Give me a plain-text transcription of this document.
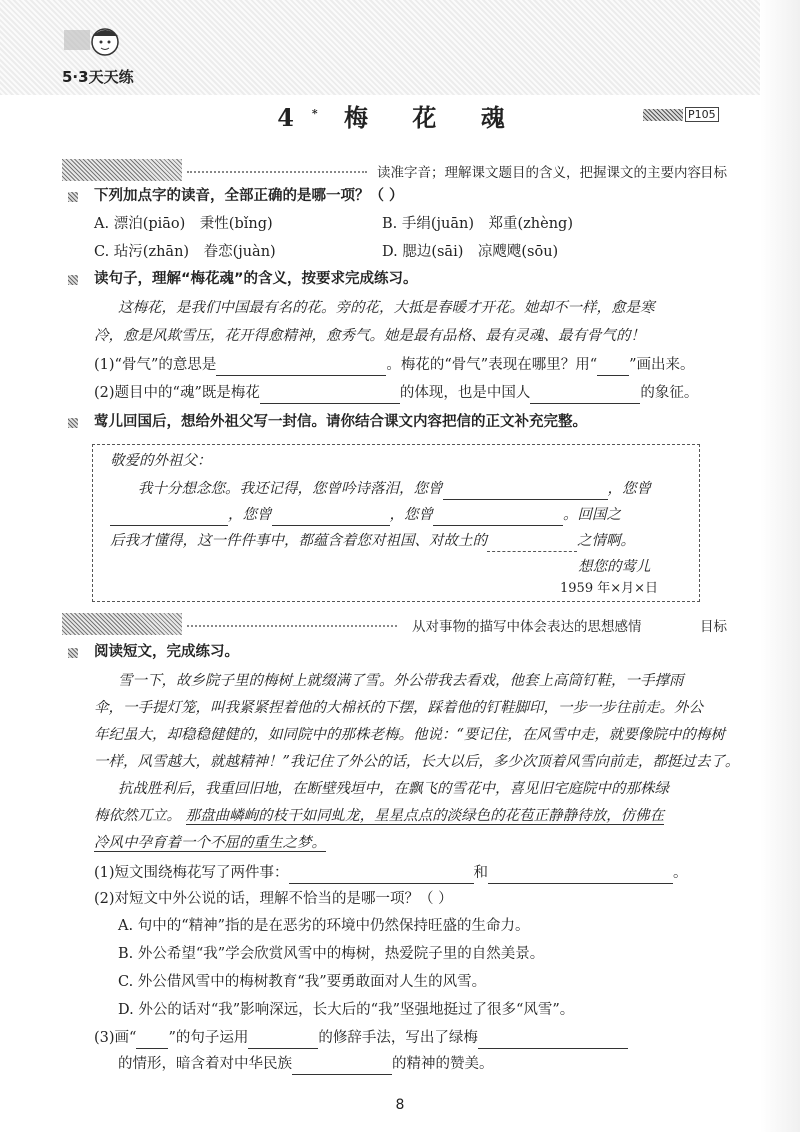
5·3天天练
4* 梅 花 魂	P105
读准字音；理解课文题目的含义，把握课文的主要内容 目标
下列加点字的读音，全部正确的是哪一项？（ ）
A. 漂泊(piāo)　秉性(bǐng)	B. 手绢(juān)　郑重(zhèng)
C. 玷污(zhān)　眷恋(juàn)	D. 腮边(sāi)　凉飕飕(sōu)
读句子，理解“梅花魂”的含义，按要求完成练习。
这梅花，是我们中国最有名的花。旁的花，大抵是春暖才开花。她却不一样，愈是寒
冷，愈是风欺雪压，花开得愈精神，愈秀气。她是最有品格、最有灵魂、最有骨气的！
(1)“骨气”的意思是	。梅花的“骨气”表现在哪里？用“ ”画出来。
(2)题目中的“魂”既是梅花	的体现，也是中国人	的象征。
莺儿回国后，想给外祖父写一封信。请你结合课文内容把信的正文补充完整。
敬爱的外祖父：
我十分想念您。我还记得，您曾吟诗落泪，您曾	，您曾
，您曾	，您曾	。回国之
后我才懂得，这一件件事中，都蕴含着您对祖国、对故土的	之情啊。
想您的莺儿
1959 年×月×日
从对事物的描写中体会表达的思想感情	目标
阅读短文，完成练习。
雪一下，故乡院子里的梅树上就缀满了雪。外公带我去看戏，他套上高筒钉鞋，一手撑雨
伞，一手提灯笼，叫我紧紧捏着他的大棉袄的下摆，踩着他的钉鞋脚印，一步一步往前走。外公
年纪虽大，却稳稳健健的，如同院中的那株老梅。他说：“要记住，在风雪中走，就要像院中的梅树
一样，风雪越大，就越精神！”我记住了外公的话，长大以后，多少次顶着风雪向前走，都挺过去了。
抗战胜利后，我重回旧地，在断壁残垣中，在飘飞的雪花中，喜见旧宅庭院中的那株绿
梅依然兀立。 那盘曲嶙峋的枝干如同虬龙，星星点点的淡绿色的花苞正静静待放，仿佛在
冷风中孕育着一个不屈的重生之梦。
(1)短文围绕梅花写了两件事：	和	。
(2)对短文中外公说的话，理解不恰当的是哪一项？（ ）
A. 句中的“精神”指的是在恶劣的环境中仍然保持旺盛的生命力。
B. 外公希望“我”学会欣赏风雪中的梅树，热爱院子里的自然美景。
C. 外公借风雪中的梅树教育“我”要勇敢面对人生的风雪。
D. 外公的话对“我”影响深远，长大后的“我”坚强地挺过了很多“风雪”。
(3)画“ ”的句子运用	的修辞手法，写出了绿梅
的情形，暗含着对中华民族	的精神的赞美。
8
